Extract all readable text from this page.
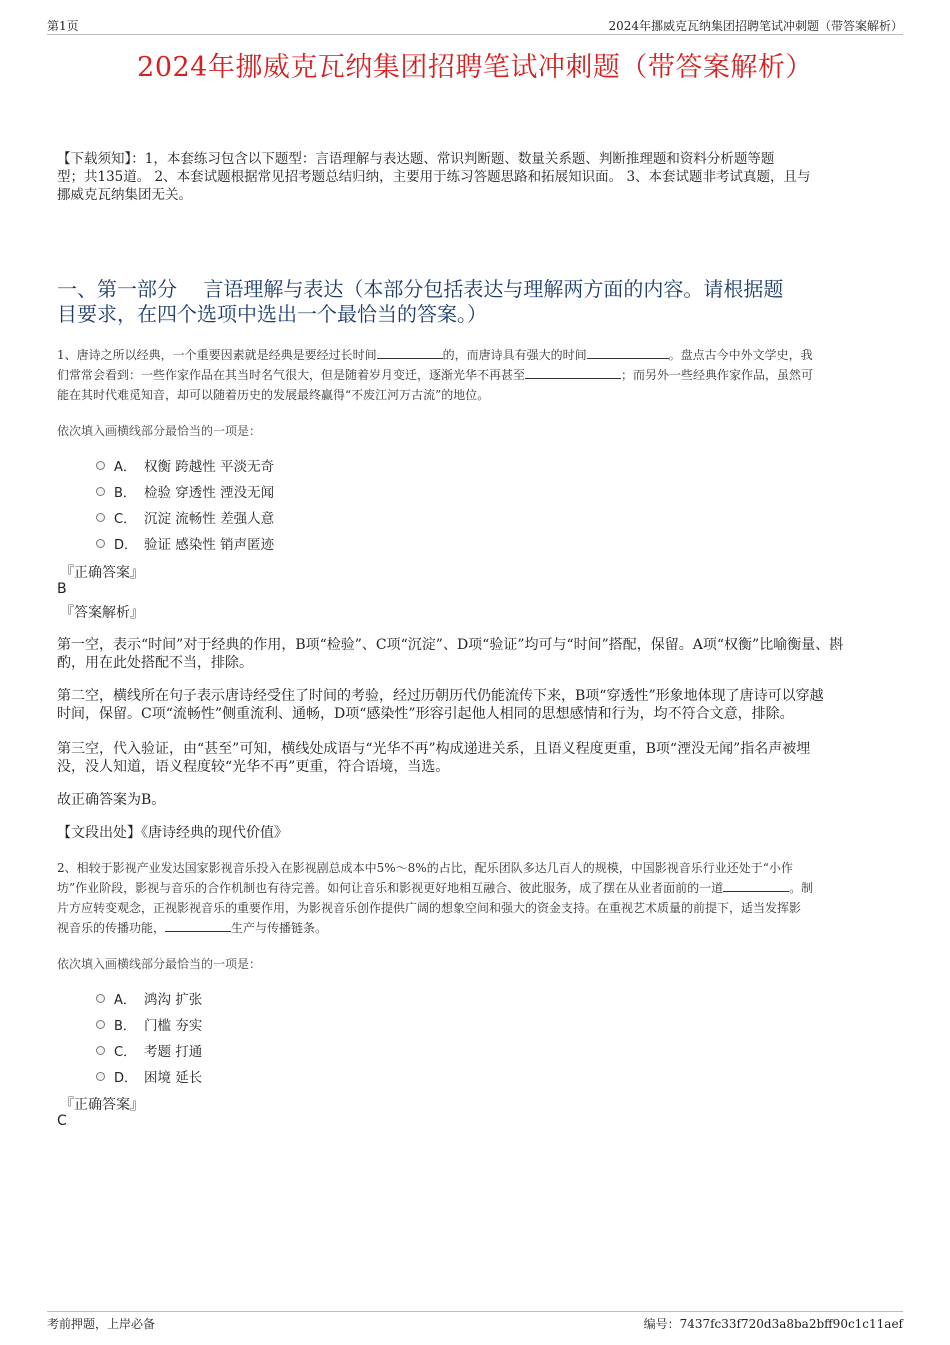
第1页	2024年挪威克瓦纳集团招聘笔试冲刺题（带答案解析）
2024年挪威克瓦纳集团招聘笔试冲刺题（带答案解析）
【下载须知】：1，本套练习包含以下题型：言语理解与表达题、常识判断题、数量关系题、判断推理题和资料分析题等题
型；共135道。 2、本套试题根据常见招考题总结归纳，主要用于练习答题思路和拓展知识面。 3、本套试题非考试真题，且与
挪威克瓦纳集团无关。
一、第一部分　 言语理解与表达（本部分包括表达与理解两方面的内容。请根据题
目要求，在四个选项中选出一个最恰当的答案。）
1、唐诗之所以经典，一个重要因素就是经典是要经过长时间	的，而唐诗具有强大的时间	。盘点古今中外文学史，我
们常常会看到：一些作家作品在其当时名气很大，但是随着岁月变迁，逐渐光华不再甚至	；而另外一些经典作家作品，虽然可
能在其时代难觅知音，却可以随着历史的发展最终赢得“不废江河万古流”的地位。
依次填入画横线部分最恰当的一项是：
A． 权衡 跨越性 平淡无奇
B． 检验 穿透性 湮没无闻
C． 沉淀 流畅性 差强人意
D． 验证 感染性 销声匿迹
『正确答案』
B
『答案解析』
第一空，表示“时间”对于经典的作用，B项“检验”、C项“沉淀”、D项“验证”均可与“时间”搭配，保留。A项“权衡”比喻衡量、斟
酌，用在此处搭配不当，排除。
第二空，横线所在句子表示唐诗经受住了时间的考验，经过历朝历代仍能流传下来，B项“穿透性”形象地体现了唐诗可以穿越
时间，保留。C项“流畅性”侧重流利、通畅，D项“感染性”形容引起他人相同的思想感情和行为，均不符合文意，排除。
第三空，代入验证，由“甚至”可知，横线处成语与“光华不再”构成递进关系，且语义程度更重，B项“湮没无闻”指名声被埋
没，没人知道，语义程度较“光华不再”更重，符合语境，当选。
故正确答案为B。
【文段出处】《唐诗经典的现代价值》
2、相较于影视产业发达国家影视音乐投入在影视剧总成本中5%～8%的占比，配乐团队多达几百人的规模，中国影视音乐行业还处于“小作
坊”作业阶段，影视与音乐的合作机制也有待完善。如何让音乐和影视更好地相互融合、彼此服务，成了摆在从业者面前的一道	。制
片方应转变观念，正视影视音乐的重要作用，为影视音乐创作提供广阔的想象空间和强大的资金支持。在重视艺术质量的前提下，适当发挥影
视音乐的传播功能，	生产与传播链条。
依次填入画横线部分最恰当的一项是：
A． 鸿沟 扩张
B． 门槛 夯实
C． 考题 打通
D． 困境 延长
『正确答案』
C
考前押题，上岸必备	编号：7437fc33f720d3a8ba2bff90c1c11aef
